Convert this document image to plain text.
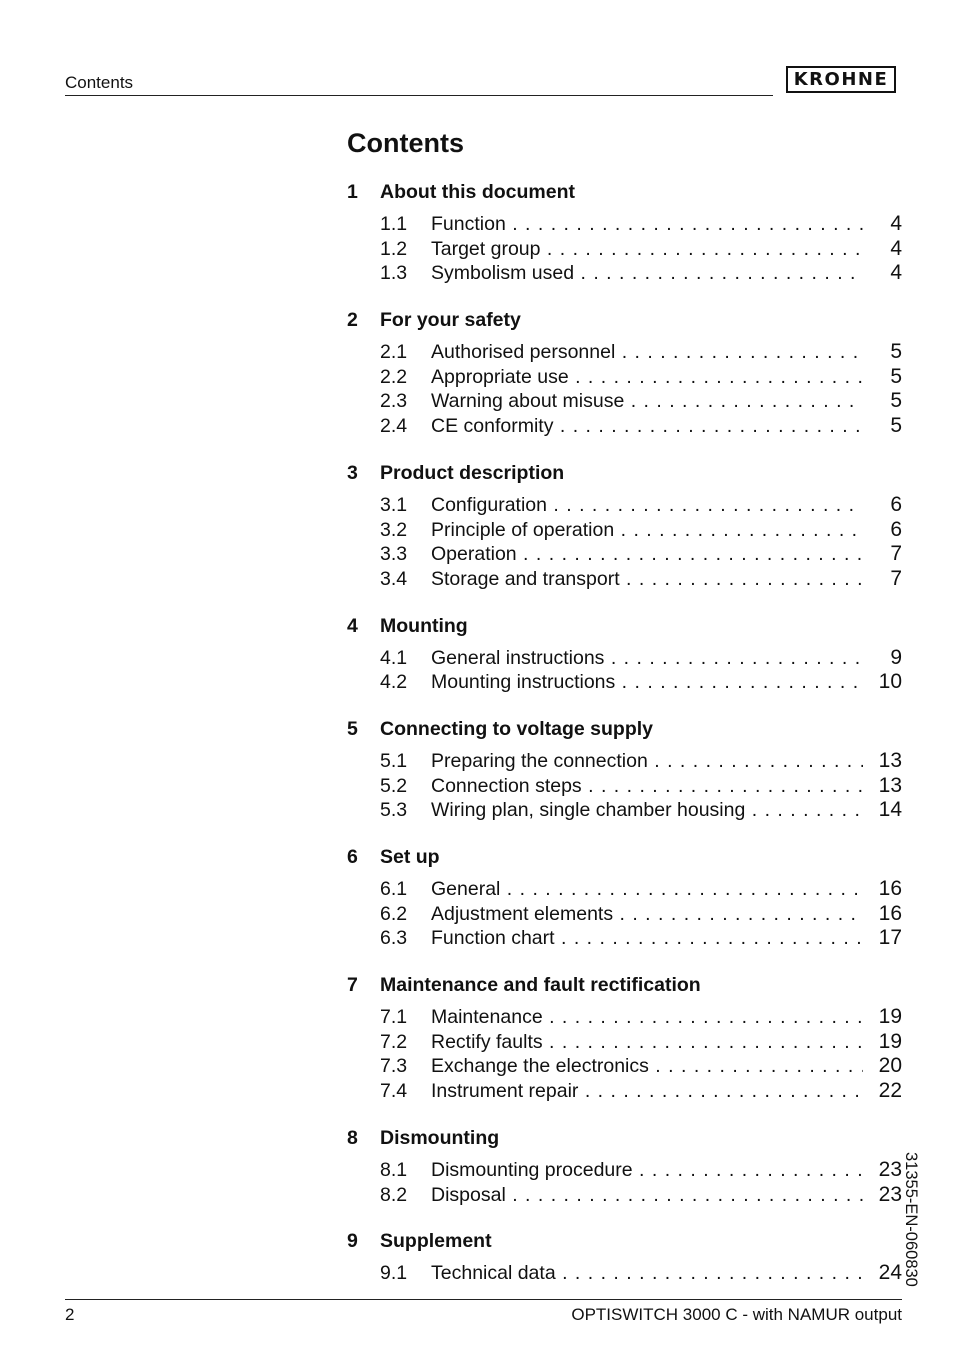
Contents	KROHNE
Contents
1	About this document
1.1	Function . . .	4
1.2	Target group . . .	4
1.3	Symbolism used . . .	4
2	For your safety
2.1	Authorised personnel . . .	5
2.2	Appropriate use . . .	5
2.3	Warning about misuse . . .	5
2.4	CE conformity . . .	5
3	Product description
3.1	Configuration . . .	6
3.2	Principle of operation . . .	6
3.3	Operation . . .	7
3.4	Storage and transport . . .	7
4	Mounting
4.1	General instructions . . .	9
4.2	Mounting instructions . . .	10
5	Connecting to voltage supply
5.1	Preparing the connection . . .	13
5.2	Connection steps . . .	13
5.3	Wiring plan, single chamber housing . . .	14
6	Set up
6.1	General . . .	16
6.2	Adjustment elements . . .	16
6.3	Function chart . . .	17
7	Maintenance and fault rectification
7.1	Maintenance . . .	19
7.2	Rectify faults . . .	19
7.3	Exchange the electronics . . .	20
7.4	Instrument repair . . .	22
8	Dismounting
8.1	Dismounting procedure . . .	23
8.2	Disposal . . .	23
9	Supplement
9.1	Technical data . . .	24 31355-EN-060830
2	OPTISWITCH 3000 C - with NAMUR output
